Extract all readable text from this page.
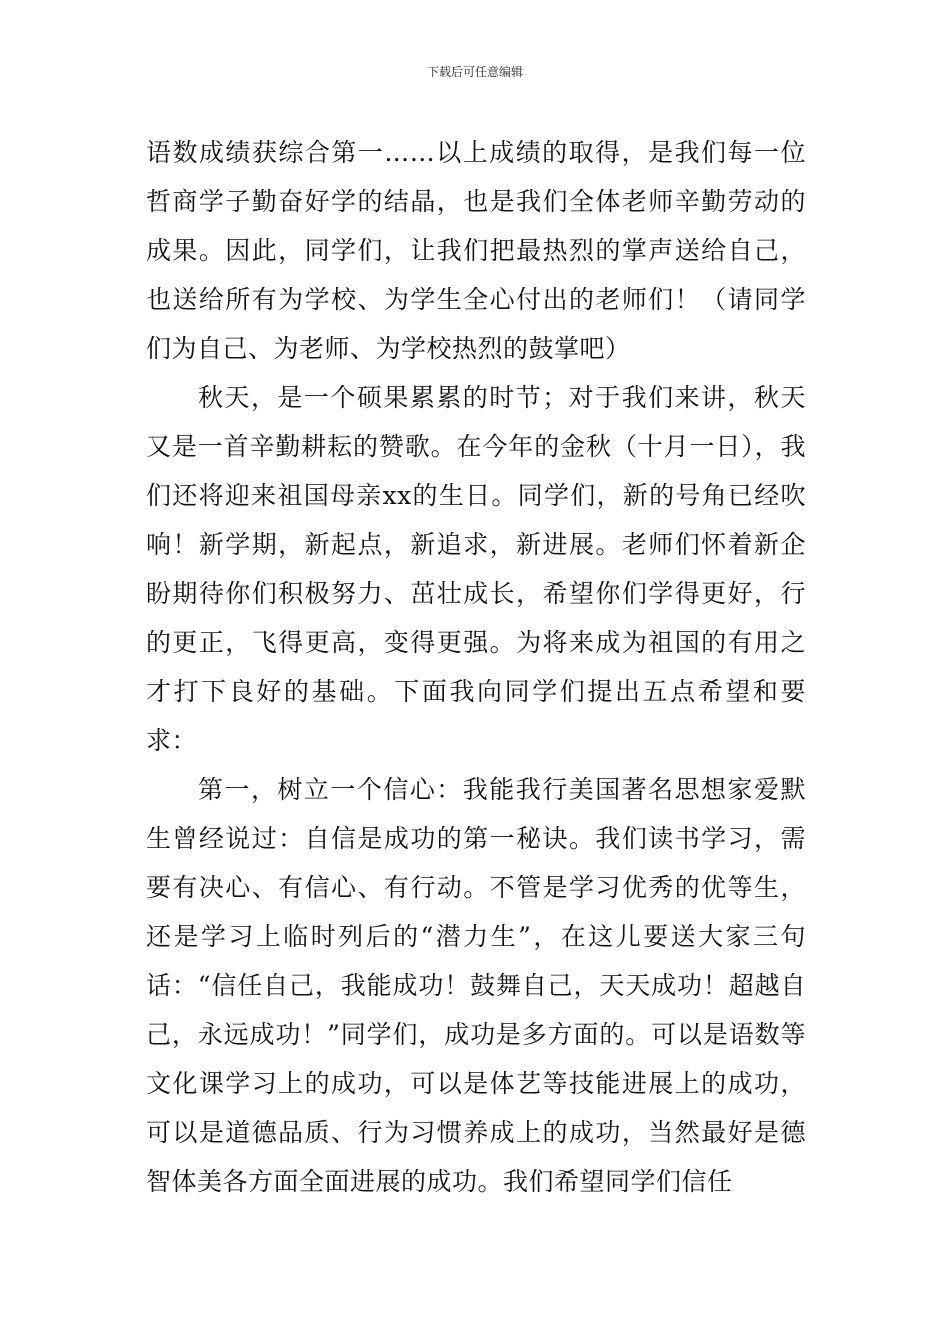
下载后可任意编辑

语数成绩获综合第一……以上成绩的取得，是我们每一位哲商学子勤奋好学的结晶，也是我们全体老师辛勤劳动的成果。因此，同学们，让我们把最热烈的掌声送给自己，也送给所有为学校、为学生全心付出的老师们！（请同学们为自己、为老师、为学校热烈的鼓掌吧）

秋天，是一个硕果累累的时节；对于我们来讲，秋天又是一首辛勤耕耘的赞歌。在今年的金秋（十月一日），我们还将迎来祖国母亲xx的生日。同学们，新的号角已经吹响！新学期，新起点，新追求，新进展。老师们怀着新企盼期待你们积极努力、茁壮成长，希望你们学得更好，行的更正，飞得更高，变得更强。为将来成为祖国的有用之才打下良好的基础。下面我向同学们提出五点希望和要求：

第一，树立一个信心：我能我行美国著名思想家爱默生曾经说过：自信是成功的第一秘诀。我们读书学习，需要有决心、有信心、有行动。不管是学习优秀的优等生，还是学习上临时列后的“潜力生”，在这儿要送大家三句话：“信任自己，我能成功！鼓舞自己，天天成功！超越自己，永远成功！”同学们，成功是多方面的。可以是语数等文化课学习上的成功，可以是体艺等技能进展上的成功，可以是道德品质、行为习惯养成上的成功，当然最好是德智体美各方面全面进展的成功。我们希望同学们信任
